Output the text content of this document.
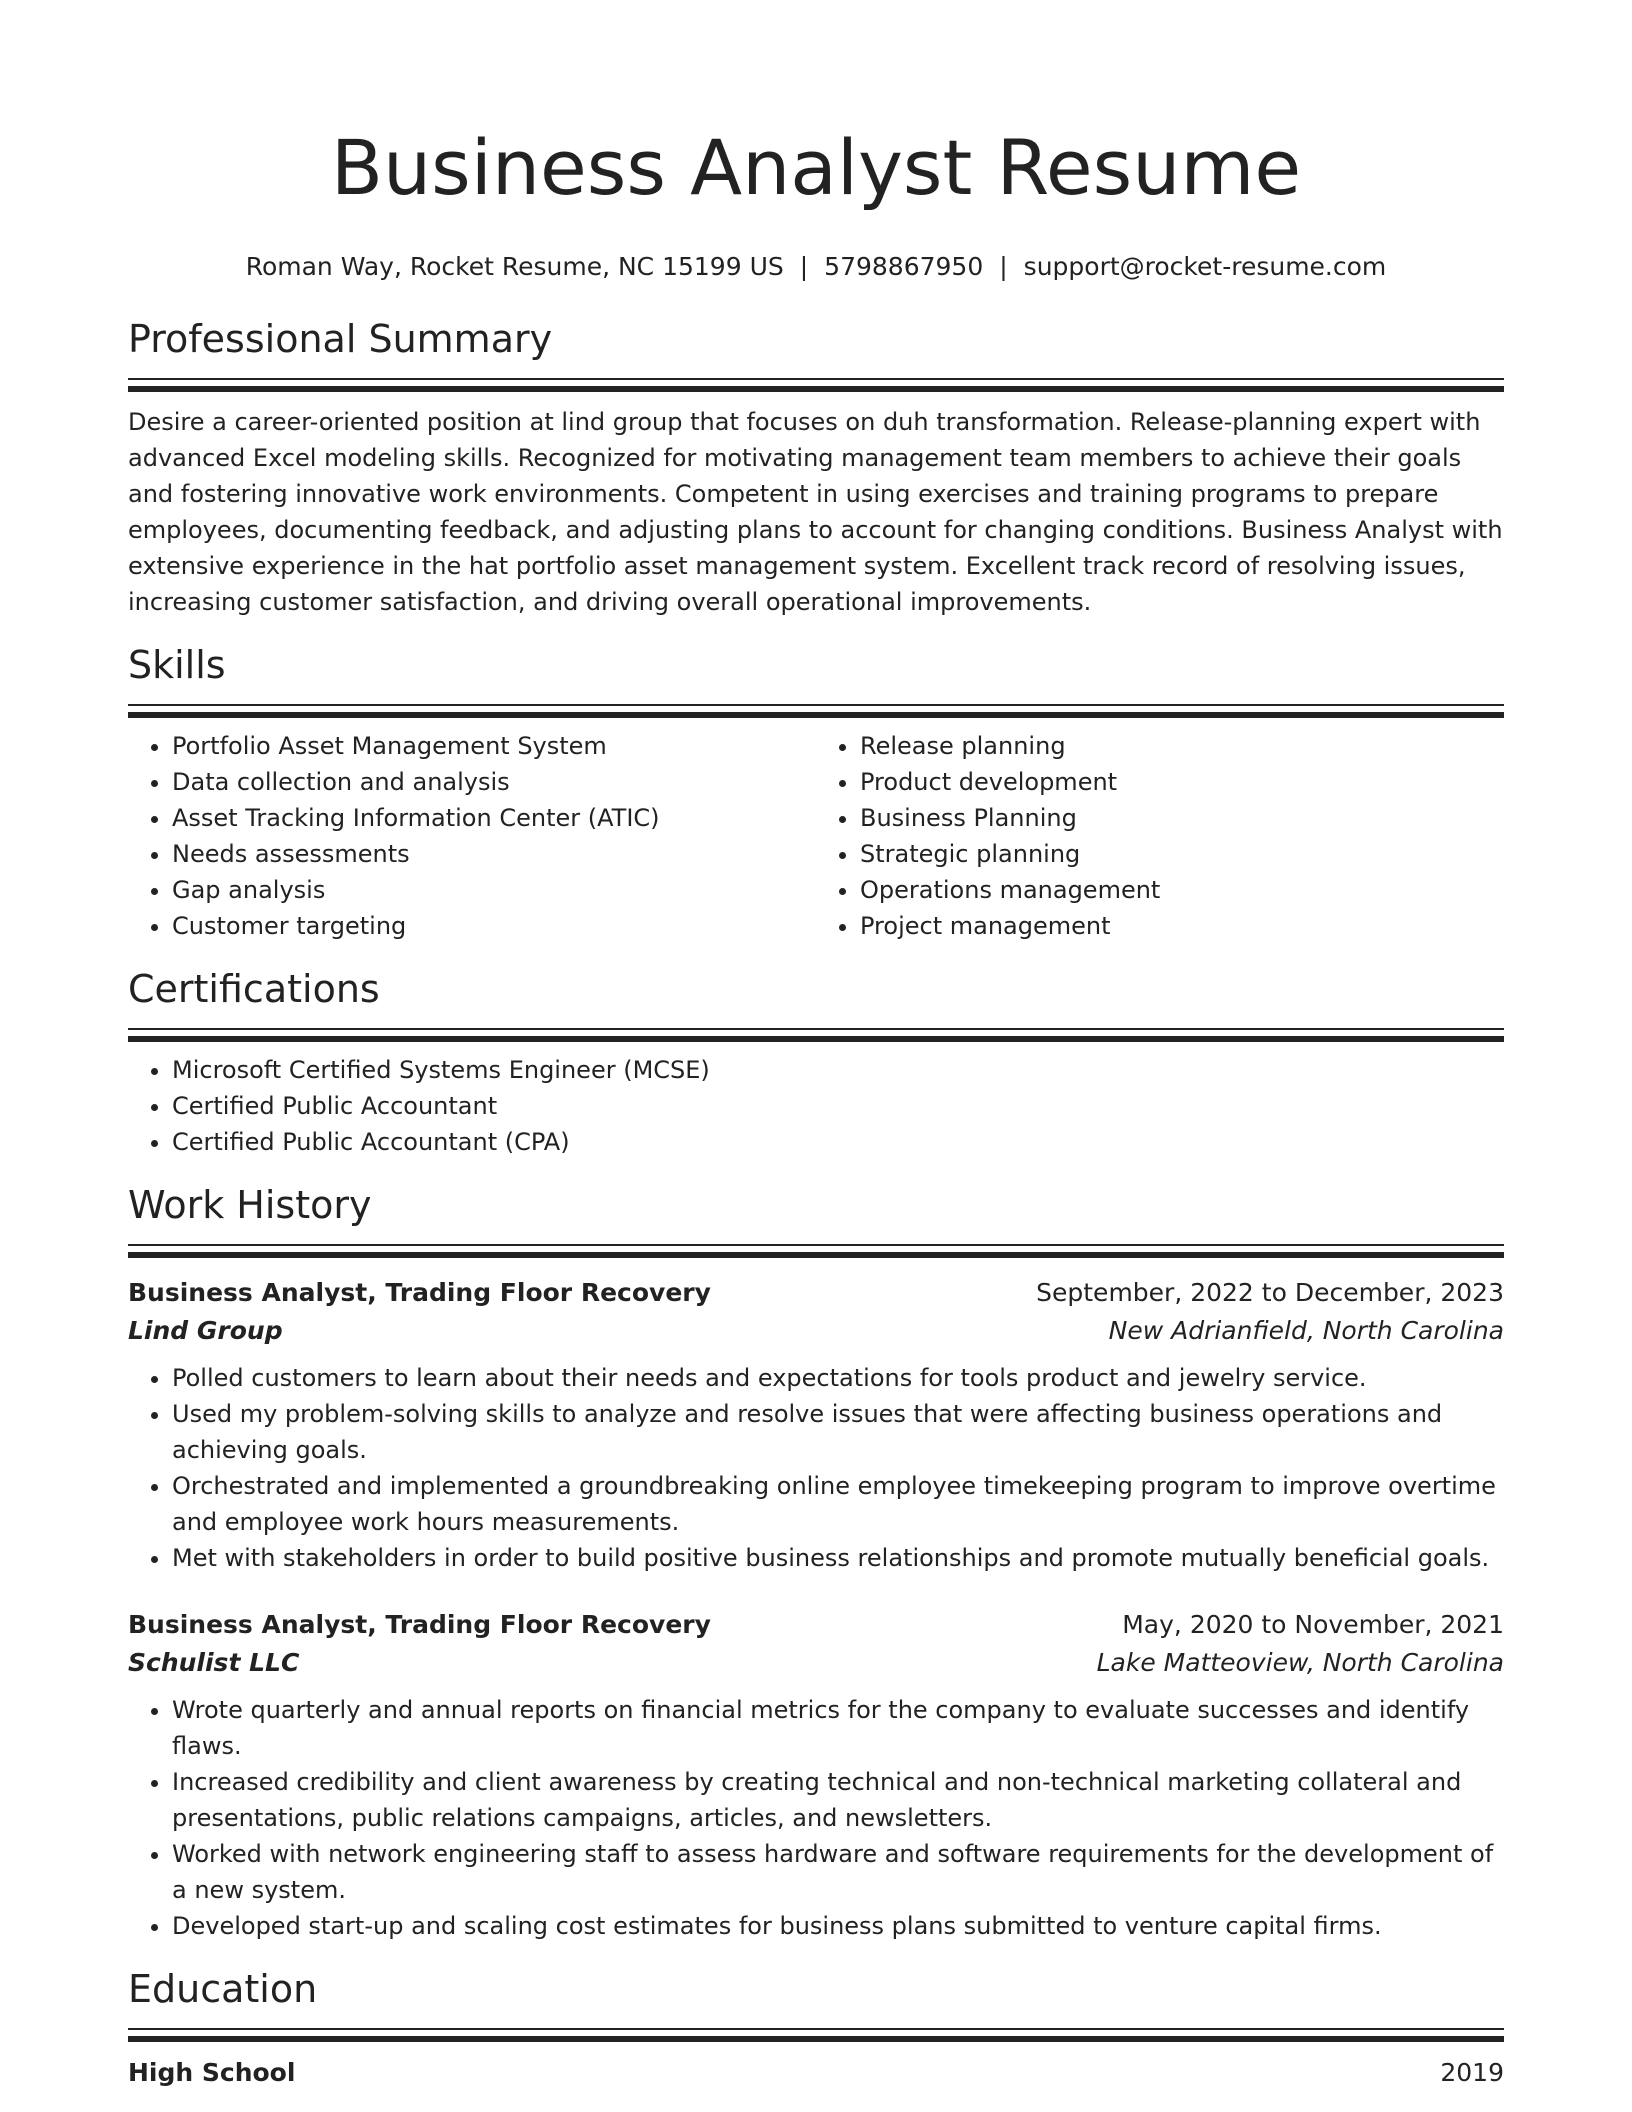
Business Analyst Resume
Roman Way, Rocket Resume, NC 15199 US | 5798867950 | support@rocket-resume.com
Professional Summary

Desire a career-oriented position at lind group that focuses on duh transformation. Release-planning expert with advanced Excel modeling skills. Recognized for motivating management team members to achieve their goals and fostering innovative work environments. Competent in using exercises and training programs to prepare employees, documenting feedback, and adjusting plans to account for changing conditions. Business Analyst with extensive experience in the hat portfolio asset management system. Excellent track record of resolving issues, increasing customer satisfaction, and driving overall operational improvements.

Skills
• Portfolio Asset Management System
• Data collection and analysis
• Asset Tracking Information Center (ATIC)
• Needs assessments
• Gap analysis
• Customer targeting
• Release planning
• Product development
• Business Planning
• Strategic planning
• Operations management
• Project management
Certifications
• Microsoft Certified Systems Engineer (MCSE)
• Certified Public Accountant
• Certified Public Accountant (CPA)
Work History
Business Analyst, Trading Floor Recovery	September, 2022 to December, 2023
Lind Group	New Adrianfield, North Carolina
• Polled customers to learn about their needs and expectations for tools product and jewelry service.
• Used my problem-solving skills to analyze and resolve issues that were affecting business operations and achieving goals.
• Orchestrated and implemented a groundbreaking online employee timekeeping program to improve overtime and employee work hours measurements.
• Met with stakeholders in order to build positive business relationships and promote mutually beneficial goals.
Business Analyst, Trading Floor Recovery	May, 2020 to November, 2021
Schulist LLC	Lake Matteoview, North Carolina
• Wrote quarterly and annual reports on financial metrics for the company to evaluate successes and identify flaws.
• Increased credibility and client awareness by creating technical and non-technical marketing collateral and presentations, public relations campaigns, articles, and newsletters.
• Worked with network engineering staff to assess hardware and software requirements for the development of a new system.
• Developed start-up and scaling cost estimates for business plans submitted to venture capital firms.
Education
High School	2019
